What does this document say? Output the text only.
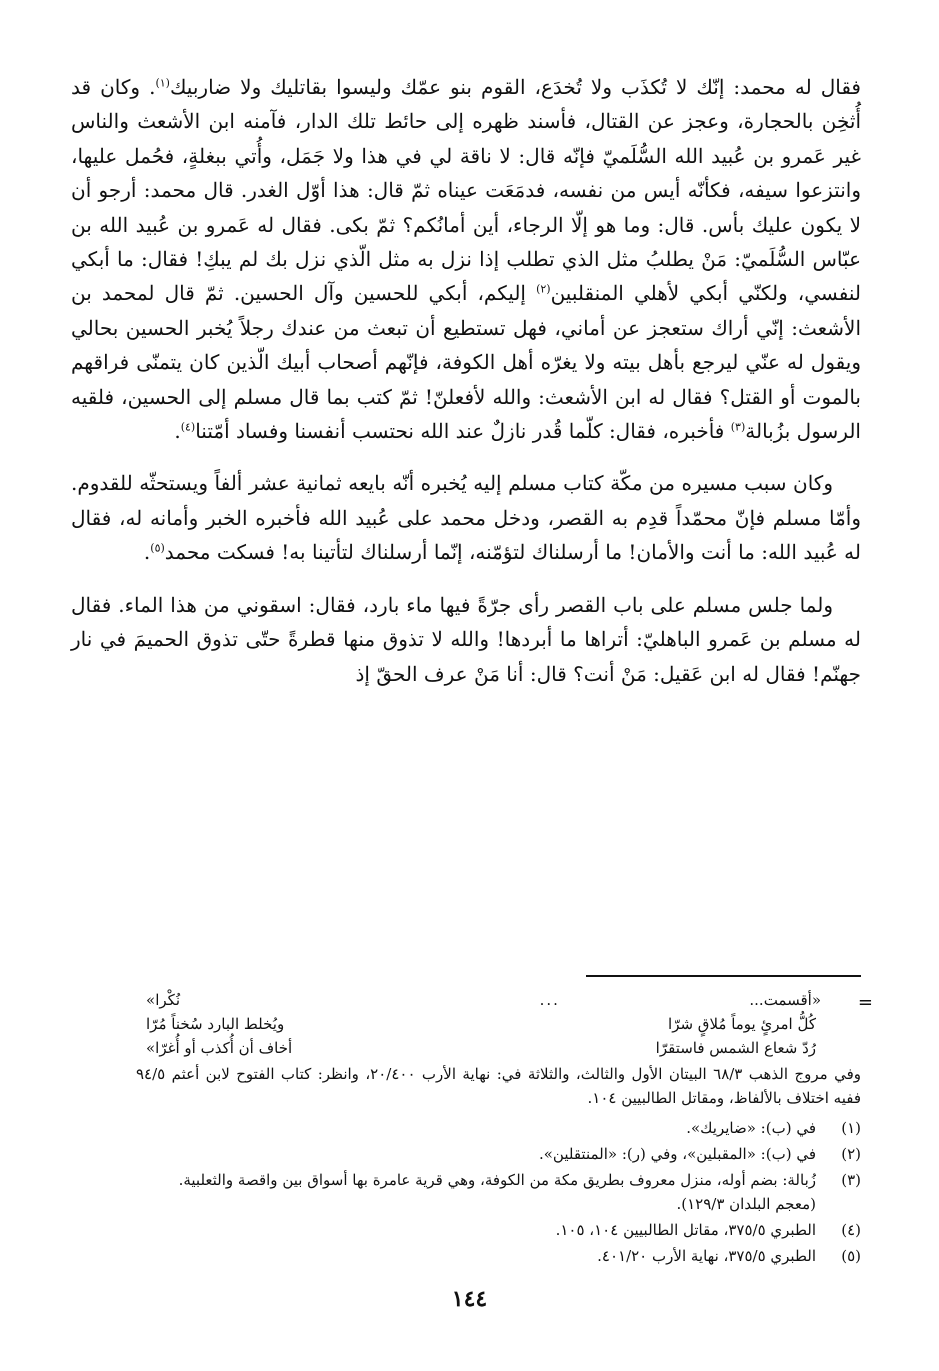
فقال له محمد: إنّك لا تُكذَب ولا تُخدَع، القوم بنو عمّك وليسوا بقاتليك ولا ضاربيك$^{(١)}$. وكان قد أُثخِن بالحجارة، وعجز عن القتال، فأسند ظهره إلى حائط تلك الدار، فآمنه ابن الأشعث والناس غير عَمرو بن عُبيد الله السُّلَميّ فإنّه قال: لا ناقة لي في هذا ولا جَمَل، وأُتي ببغلةٍ، فحُمل عليها، وانتزعوا سيفه، فكأنّه أيس من نفسه، فدمَعَت عيناه ثمّ قال: هذا أوّل الغدر. قال محمد: أرجو أن لا يكون عليك بأس. قال: وما هو إلّا الرجاء، أين أمانُكم؟ ثمّ بكى. فقال له عَمرو بن عُبيد الله بن عبّاس السُّلَميّ: مَنْ يطلبُ مثل الذي تطلب إذا نزل به مثل الّذي نزل بك لم يبكِ! فقال: ما أبكي لنفسي، ولكنّي أبكي لأهلي المنقلبين$^{(٢)}$ إليكم، أبكي للحسين وآل الحسين. ثمّ قال لمحمد بن الأشعث: إنّي أراك ستعجز عن أماني، فهل تستطيع أن تبعث من عندك رجلاً يُخبر الحسين بحالي ويقول له عنّي ليرجع بأهل بيته ولا يغرّه أهل الكوفة، فإنّهم أصحاب أبيك الّذين كان يتمنّى فراقهم بالموت أو القتل؟ فقال له ابن الأشعث: والله لأفعلنّ! ثمّ كتب بما قال مسلم إلى الحسين، فلقيه الرسول بزُبالة$^{(٣)}$ فأخبره، فقال: كلّما قُدر نازلٌ عند الله نحتسب أنفسنا وفساد أمّتنا$^{(٤)}$.

وكان سبب مسيره من مكّة كتاب مسلم إليه يُخبره أنّه بايعه ثمانية عشر ألفاً ويستحثّه للقدوم. وأمّا مسلم فإنّ محمّداً قدِم به القصر، ودخل محمد على عُبيد الله فأخبره الخبر وأمانه له، فقال له عُبيد الله: ما أنت والأمان! ما أرسلناك لتؤمّنه، إنّما أرسلناك لتأتينا به! فسكت محمد$^{(٥)}$.

ولما جلس مسلم على باب القصر رأى جرّةً فيها ماء بارد، فقال: اسقوني من هذا الماء. فقال له مسلم بن عَمرو الباهليّ: أتراها ما أبردها! والله لا تذوق منها قطرةً حتّى تذوق الحميمَ في نار جهنّم! فقال له ابن عَقيل: مَنْ أنت؟ قال: أنا مَنْ عرف الحقّ إذ

=
«أقسمت...
...
نُكْرا»
كُلُّ امرئٍ يوماً مُلاقٍ شرّا
ويُخلط البارد سُخناً مُرّا
رُدّ شعاع الشمس فاستقرّا
أخاف أن أُكذب أو أُغرّا»

وفي مروج الذهب ٦٨/٣ البيتان الأول والثالث، والثلاثة في: نهاية الأرب ٢٠/٤٠٠، وانظر: كتاب الفتوح لابن أعثم ٩٤/٥ ففيه اختلاف بالألفاظ، ومقاتل الطالبيين ١٠٤.

(١)
في (ب): «ضايريك».
(٢)
في (ب): «المقبلين»، وفي (ر): «المنتقلين».
(٣)
زُبالة: بضم أوله، منزل معروف بطريق مكة من الكوفة، وهي قرية عامرة بها أسواق بين واقصة والثعلبية. (معجم البلدان ١٢٩/٣).
(٤)
الطبري ٣٧٥/٥، مقاتل الطالبيين ١٠٤، ١٠٥.
(٥)
الطبري ٣٧٥/٥، نهاية الأرب ٤٠١/٢٠.
١٤٤
